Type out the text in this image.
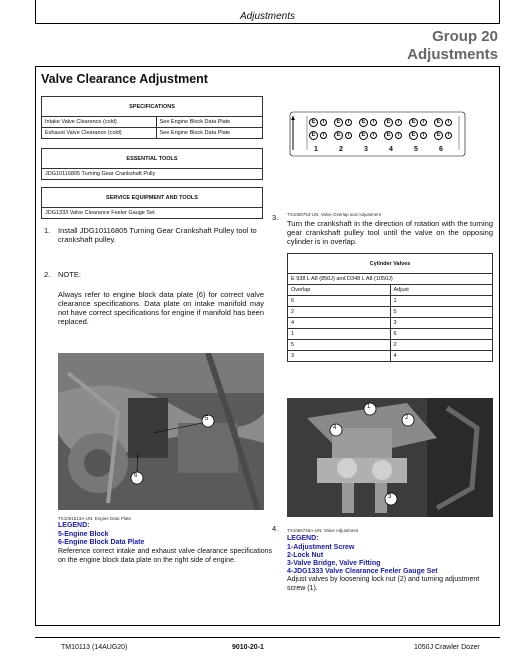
Adjustments
Group 20
Adjustments
Valve Clearance Adjustment
SPECIFICATIONS	
Intake Valve Clearance (cold)	See Engine Block Data Plate
Exhaust Valve Clearance (cold)	See Engine Block Data Plate
ESSENTIAL TOOLS
JDG10116805 Turning Gear Crankshaft Pully
SERVICE EQUIPMENT AND TOOLS
JDG1333 Valve Clearance Feeler Gauge Set
1. Install JDG10116805 Turning Gear Crankshaft Pulley tool to crankshaft pulley.
2. NOTE:
Always refer to engine block data plate (6) for correct valve clearance specifications. Data plate on intake manifold may not have correct specifications for engine if manifold has been replaced.
5
6
TX1061513A-UN: Engine Data Plate
LEGEND:
5-Engine Block
6-Engine Block Data Plate
Reference correct intake and exhaust valve clearance specifications on the engine block data plate on the right side of engine.
E	I
E	I
1
E	I
E	I
2
E	I
E	I
3
E	I
E	I
4
E	I
E	I
5
E	I
E	I
6
3. TX1066753-UN: Valve Overlap and Adjustment
Turn the crankshaft in the direction of rotation with the turning gear crankshaft pulley tool until the valve on the opposing cylinder is in overlap.
Cylinder Valves	
E 938 L A8 (850J) and D348 L A8 (1050J)	
Overlap	Adjust
6	1
2	5
4	3
1	6
5	2
3	4
1
2
3
4
4. TX1066746A-UN: Valve Adjustment
LEGEND:
1-Adjustment Screw
2-Lock Nut
3-Valve Bridge, Valve Fitting
4-JDG1333 Valve Clearance Feeler Gauge Set
Adjust valves by loosening lock nut (2) and turning adjustment screw (1).
TM10113 (14AUG20)	9010-20-1	1050J Crawler Dozer
